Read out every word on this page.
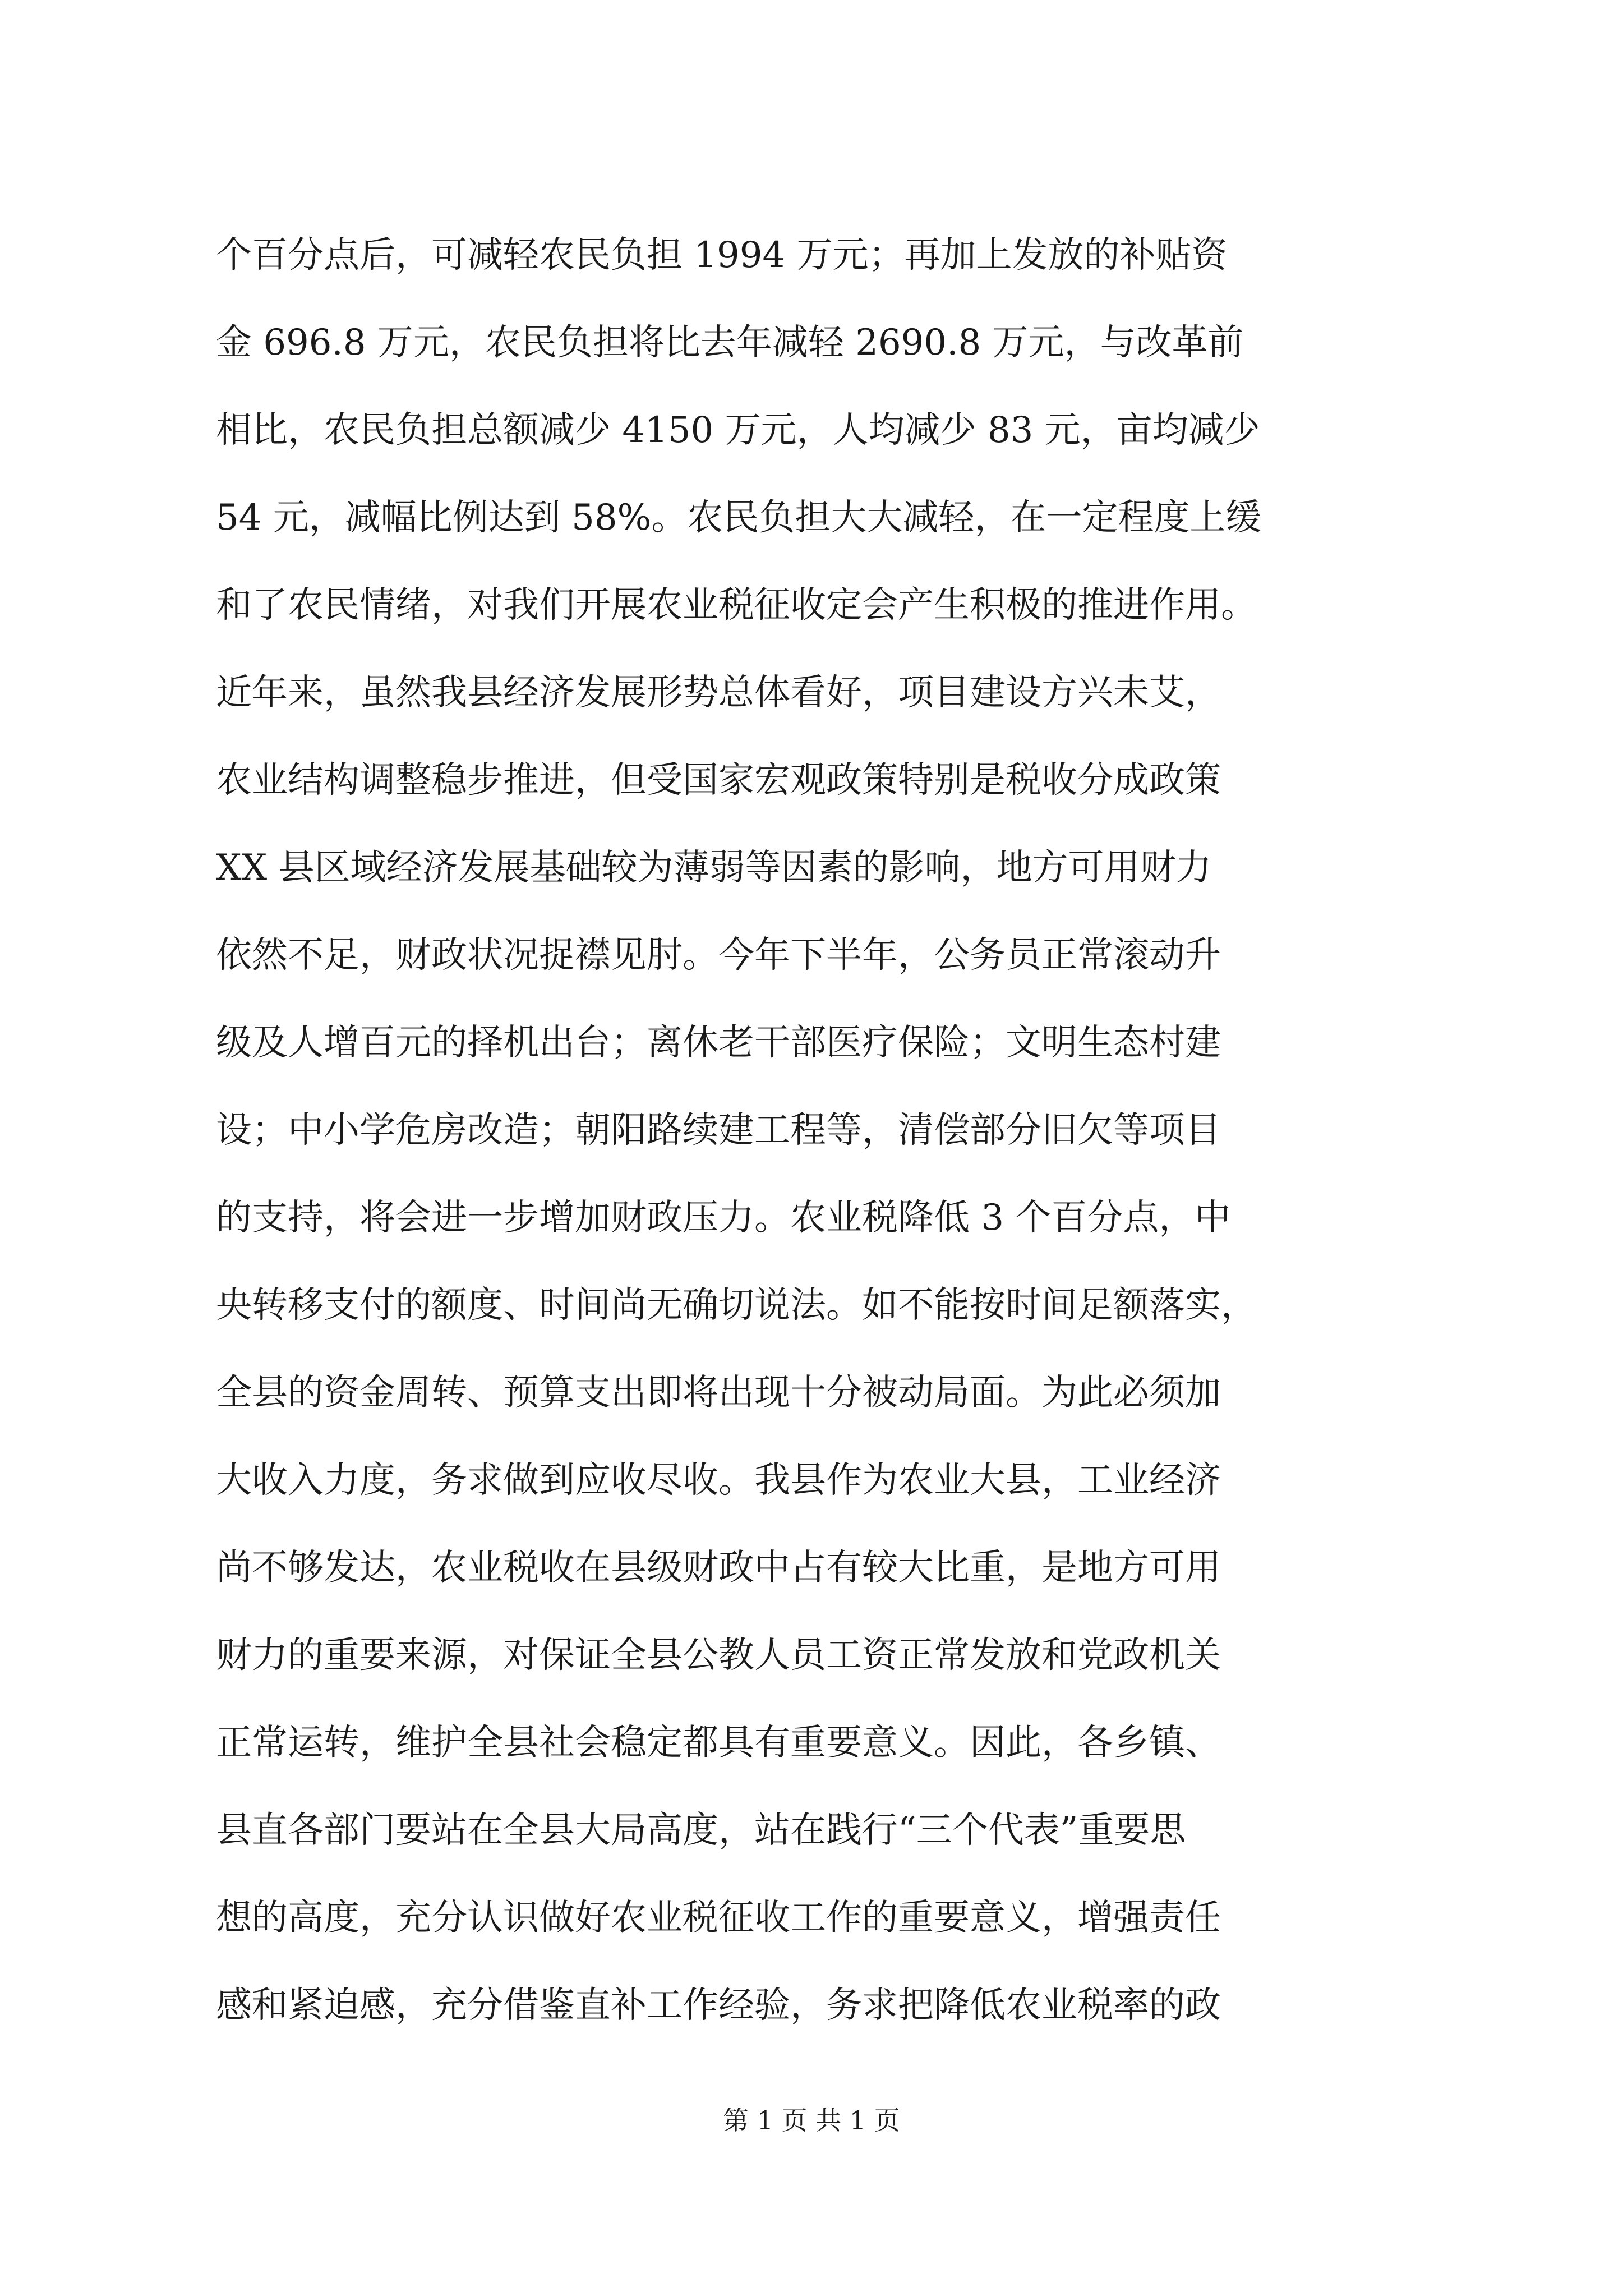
个百分点后，可减轻农民负担 1994 万元；再加上发放的补贴资
金 696.8 万元，农民负担将比去年减轻 2690.8 万元，与改革前
相比，农民负担总额减少 4150 万元，人均减少 83 元，亩均减少
54 元，减幅比例达到 58%。农民负担大大减轻，在一定程度上缓
和了农民情绪，对我们开展农业税征收定会产生积极的推进作用。
近年来，虽然我县经济发展形势总体看好，项目建设方兴未艾，
农业结构调整稳步推进，但受国家宏观政策特别是税收分成政策
XX 县区域经济发展基础较为薄弱等因素的影响，地方可用财力
依然不足，财政状况捉襟见肘。今年下半年，公务员正常滚动升
级及人增百元的择机出台；离休老干部医疗保险；文明生态村建
设；中小学危房改造；朝阳路续建工程等，清偿部分旧欠等项目
的支持，将会进一步增加财政压力。农业税降低 3 个百分点，中
央转移支付的额度、时间尚无确切说法。如不能按时间足额落实，
全县的资金周转、预算支出即将出现十分被动局面。为此必须加
大收入力度，务求做到应收尽收。我县作为农业大县，工业经济
尚不够发达，农业税收在县级财政中占有较大比重，是地方可用
财力的重要来源，对保证全县公教人员工资正常发放和党政机关
正常运转，维护全县社会稳定都具有重要意义。因此，各乡镇、
县直各部门要站在全县大局高度，站在践行“三个代表”重要思
想的高度，充分认识做好农业税征收工作的重要意义，增强责任
感和紧迫感，充分借鉴直补工作经验，务求把降低农业税率的政
第 1 页 共 1 页
